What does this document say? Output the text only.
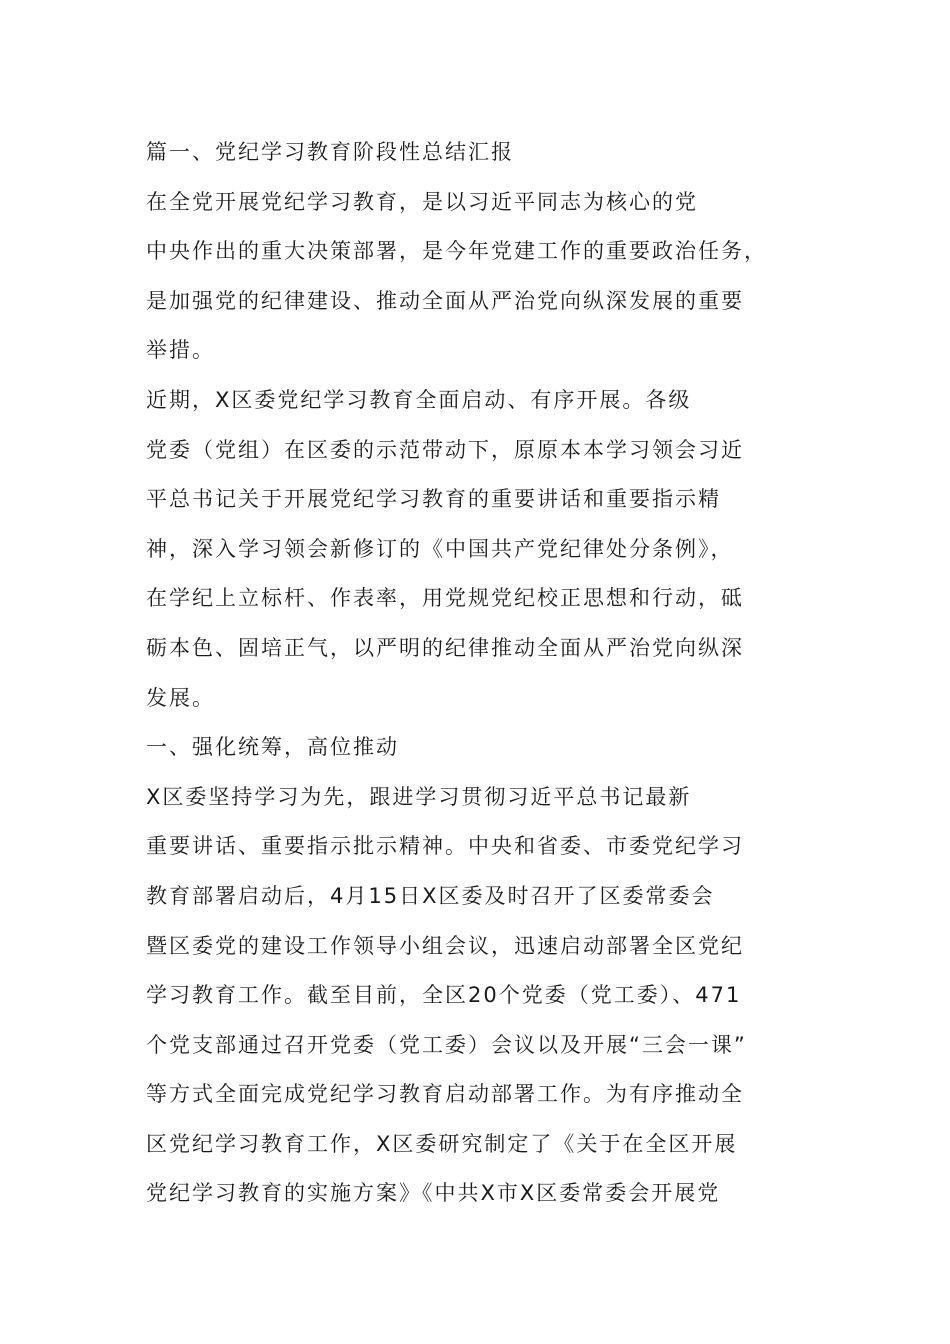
篇一、党纪学习教育阶段性总结汇报
在全党开展党纪学习教育，是以习近平同志为核心的党
中央作出的重大决策部署，是今年党建工作的重要政治任务，
是加强党的纪律建设、推动全面从严治党向纵深发展的重要
举措。
近期，X区委党纪学习教育全面启动、有序开展。各级
党委（党组）在区委的示范带动下，原原本本学习领会习近
平总书记关于开展党纪学习教育的重要讲话和重要指示精
神，深入学习领会新修订的《中国共产党纪律处分条例》，
在学纪上立标杆、作表率，用党规党纪校正思想和行动，砥
砺本色、固培正气，以严明的纪律推动全面从严治党向纵深
发展。
一、强化统筹，高位推动
X区委坚持学习为先，跟进学习贯彻习近平总书记最新
重要讲话、重要指示批示精神。中央和省委、市委党纪学习
教育部署启动后，4月15日X区委及时召开了区委常委会
暨区委党的建设工作领导小组会议，迅速启动部署全区党纪
学习教育工作。截至目前，全区20个党委（党工委）、471
个党支部通过召开党委（党工委）会议以及开展“三会一课”
等方式全面完成党纪学习教育启动部署工作。为有序推动全
区党纪学习教育工作，X区委研究制定了《关于在全区开展
党纪学习教育的实施方案》《中共X市X区委常委会开展党
